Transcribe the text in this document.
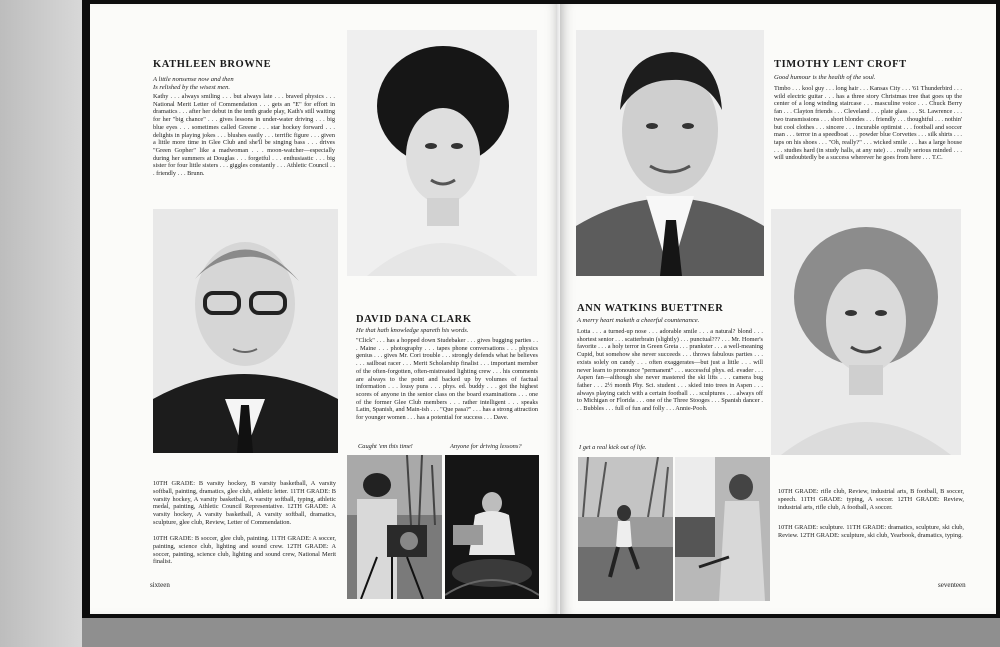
KATHLEEN BROWNE
A little nonsense now and then
Is relished by the wisest men.
Kathy . . . always smiling . . . but always late . . . braved physics . . . National Merit Letter of Commendation . . . gets an "E" for effort in dramatics . . . after her debut in the tenth grade play, Kath's still waiting for her "big chance" . . . gives lessons in under-water driving . . . big blue eyes . . . sometimes called Greene . . . star hockey forward . . . delights in playing jokes . . . blushes easily . . . terrific figure . . . given a little more time in Glee Club and she'll be singing bass . . . drives "Green Gopher" like a madwoman . . . moon-watcher—especially during her summers at Douglas . . . forgetful . . . enthusiastic . . . big sister for four little sisters . . . giggles constantly . . . Athletic Council . . . friendly . . . Brunn.
DAVID DANA CLARK
He that hath knowledge spareth his words.
"Click" . . . has a hopped down Studebaker . . . gives bugging parties . . . Maine . . . photography . . . tapes phone conversations . . . physics genius . . . gives Mr. Cori trouble . . . strongly defends what he believes . . . sailboat racer . . . Merit Scholarship finalist . . . important member of the often-forgotten, often-mistreated lighting crew . . . his comments are always to the point and backed up by volumes of factual information . . . lousy puns . . . phys. ed. buddy . . . got the highest scores of anyone in the senior class on the board examinations . . . one of the former Glee Club members . . . rather intelligent . . . speaks Latin, Spanish, and Main-ish . . . "Que pasa?" . . . has a strong attraction for younger women . . . has a potential for success . . . Dave.
10TH GRADE: B varsity hockey, B varsity basketball, A varsity softball, painting, dramatics, glee club, athletic letter. 11TH GRADE: B varsity hockey, A varsity basketball, A varsity softball, typing, athletic medal, painting, Athletic Council Representative. 12TH GRADE: A varsity hockey, A varsity basketball, A varsity softball, dramatics, sculpture, glee club, Review, Letter of Commendation.
10TH GRADE: B soccer, glee club, painting. 11TH GRADE: A soccer, painting, science club, lighting and sound crew. 12TH GRADE: A soccer, painting, science club, lighting and sound crew, National Merit finalist.
Caught 'em this time!	Anyone for driving lessons?
sixteen
TIMOTHY LENT CROFT
Good humour is the health of the soul.
Timbo . . . kool guy . . . long hair . . . Kansas City . . . '61 Thunderbird . . . wild electric guitar . . . has a three story Christmas tree that goes up the center of a long winding staircase . . . masculine voice . . . Chuck Berry fan . . . Clayton friends . . . Cleveland . . . plate glass . . . St. Lawrence . . . two transmissions . . . short blondes . . . friendly . . . thoughtful . . . nothin' but cool clothes . . . sincere . . . incurable optimist . . . football and soccer man . . . terror in a speedboat . . . powder blue Corvettes . . . silk shirts . . . taps on his shoes . . . "Oh, really?" . . . wicked smile . . . has a large house . . . studies hard (in study halls, at any rate) . . . really serious minded . . . will undoubtedly be a success wherever he goes from here . . . T.C.
ANN WATKINS BUETTNER
A merry heart maketh a cheerful countenance.
Lotta . . . a turned-up nose . . . adorable smile . . . a natural? blond . . . shortest senior . . . scatterbrain (slightly) . . . punctual??? . . . Mr. Homer's favorite . . . a holy terror in Green Greta . . . prankster . . . a well-meaning Cupid, but somehow she never succeeds . . . throws fabulous parties . . . exists solely on candy . . . often exaggerates—but just a little . . . will never learn to pronounce "permanent" . . . successful phys. ed. evader . . . Aspen fan—although she never mastered the ski lifts . . . camera bug father . . . 2½ month Phy. Sci. student . . . skied into trees in Aspen . . . always playing catch with a certain football . . . sculptures . . . always off to Michigan or Florida . . . one of the Three Stooges . . . Spanish dancer . . . Bubbles . . . full of fun and folly . . . Annie-Pooh.
I get a real kick out of life.
10TH GRADE: rifle club, Review, industrial arts, B football, B soccer, speech. 11TH GRADE: typing, A soccer. 12TH GRADE: Review, industrial arts, rifle club, A football, A soccer.
10TH GRADE: sculpture. 11TH GRADE: dramatics, sculpture, ski club, Review. 12TH GRADE: sculpture, ski club, Yearbook, dramatics, typing.
seventeen
